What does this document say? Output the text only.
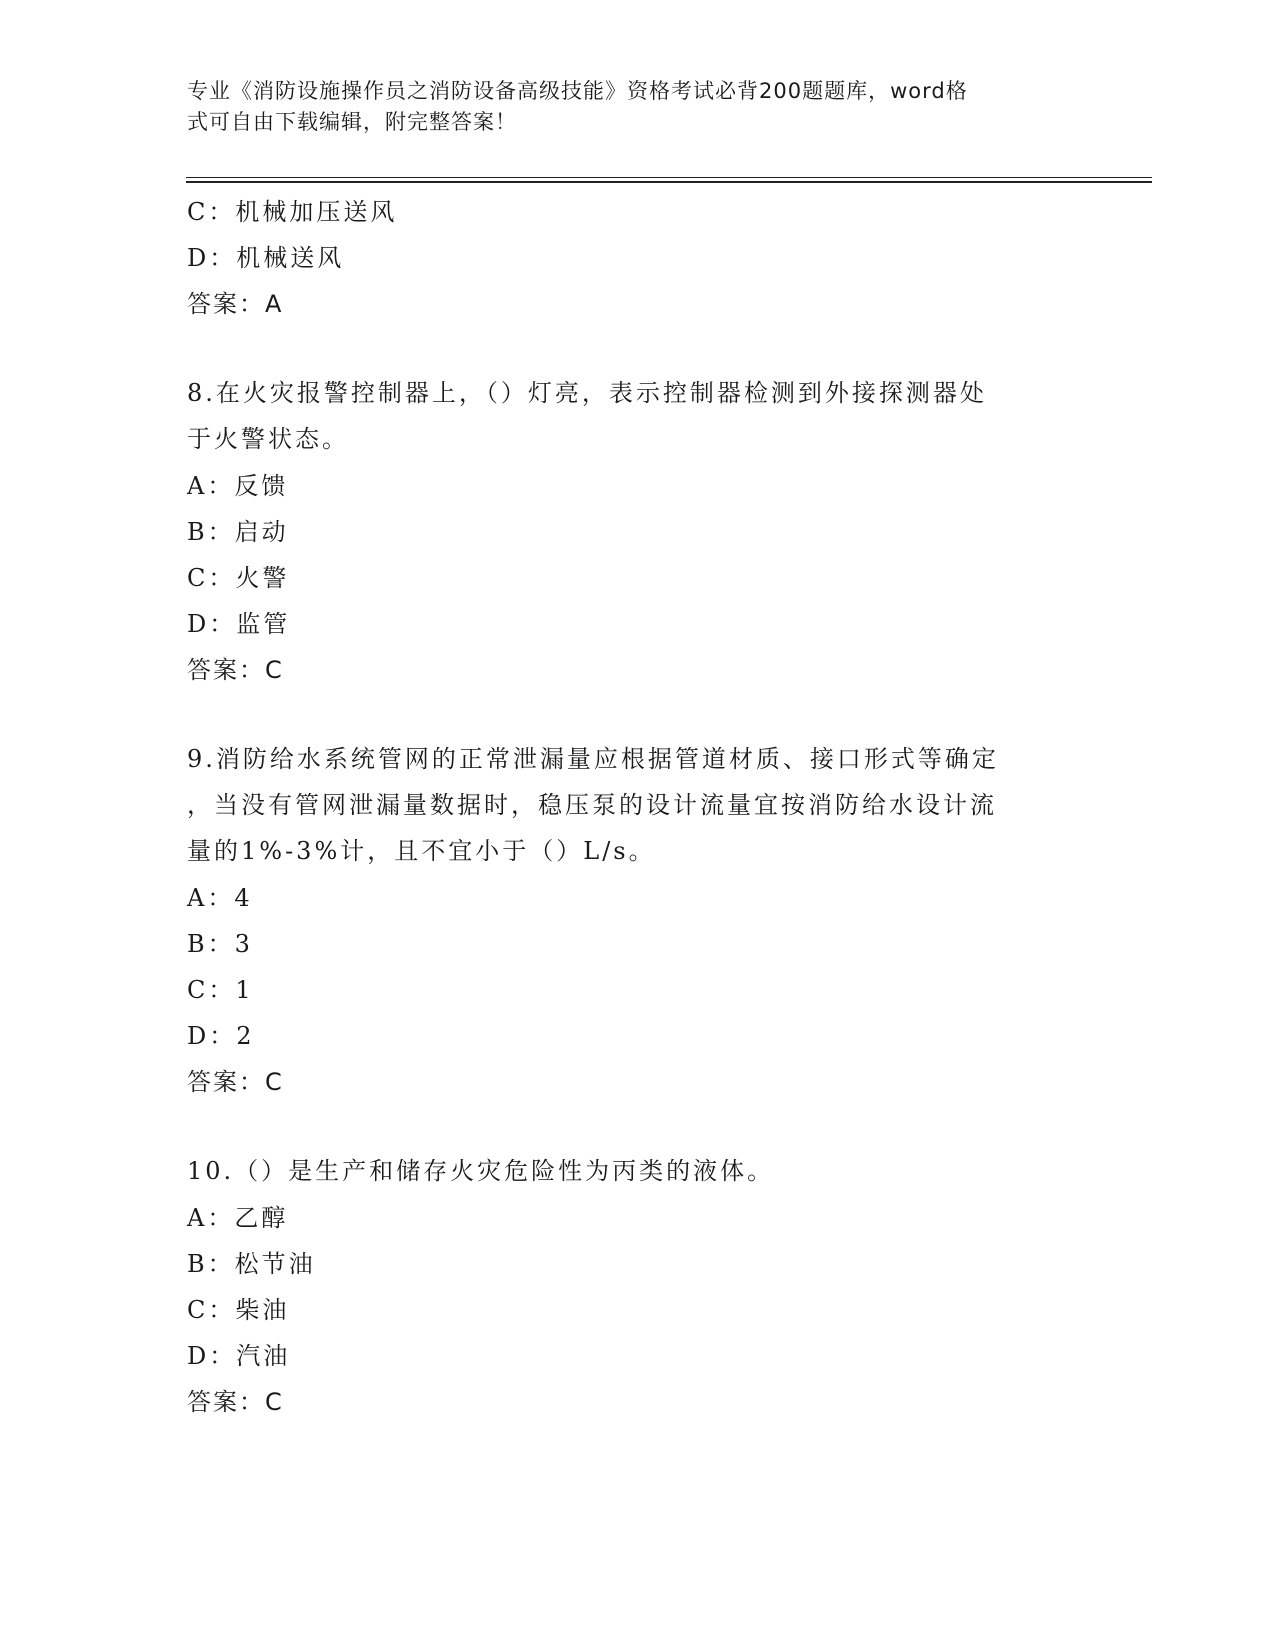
专业《消防设施操作员之消防设备高级技能》资格考试必背200题题库，word格
式可自由下载编辑，附完整答案！
C：机械加压送风
D：机械送风
答案：A
8.在火灾报警控制器上，（）灯亮，表示控制器检测到外接探测器处
于火警状态。
A：反馈
B：启动
C：火警
D：监管
答案：C
9.消防给水系统管网的正常泄漏量应根据管道材质、接口形式等确定
，当没有管网泄漏量数据时，稳压泵的设计流量宜按消防给水设计流
量的1%-3%计，且不宜小于（）L/s。
A：4
B：3
C：1
D：2
答案：C
10.（）是生产和储存火灾危险性为丙类的液体。
A：乙醇
B：松节油
C：柴油
D：汽油
答案：C
